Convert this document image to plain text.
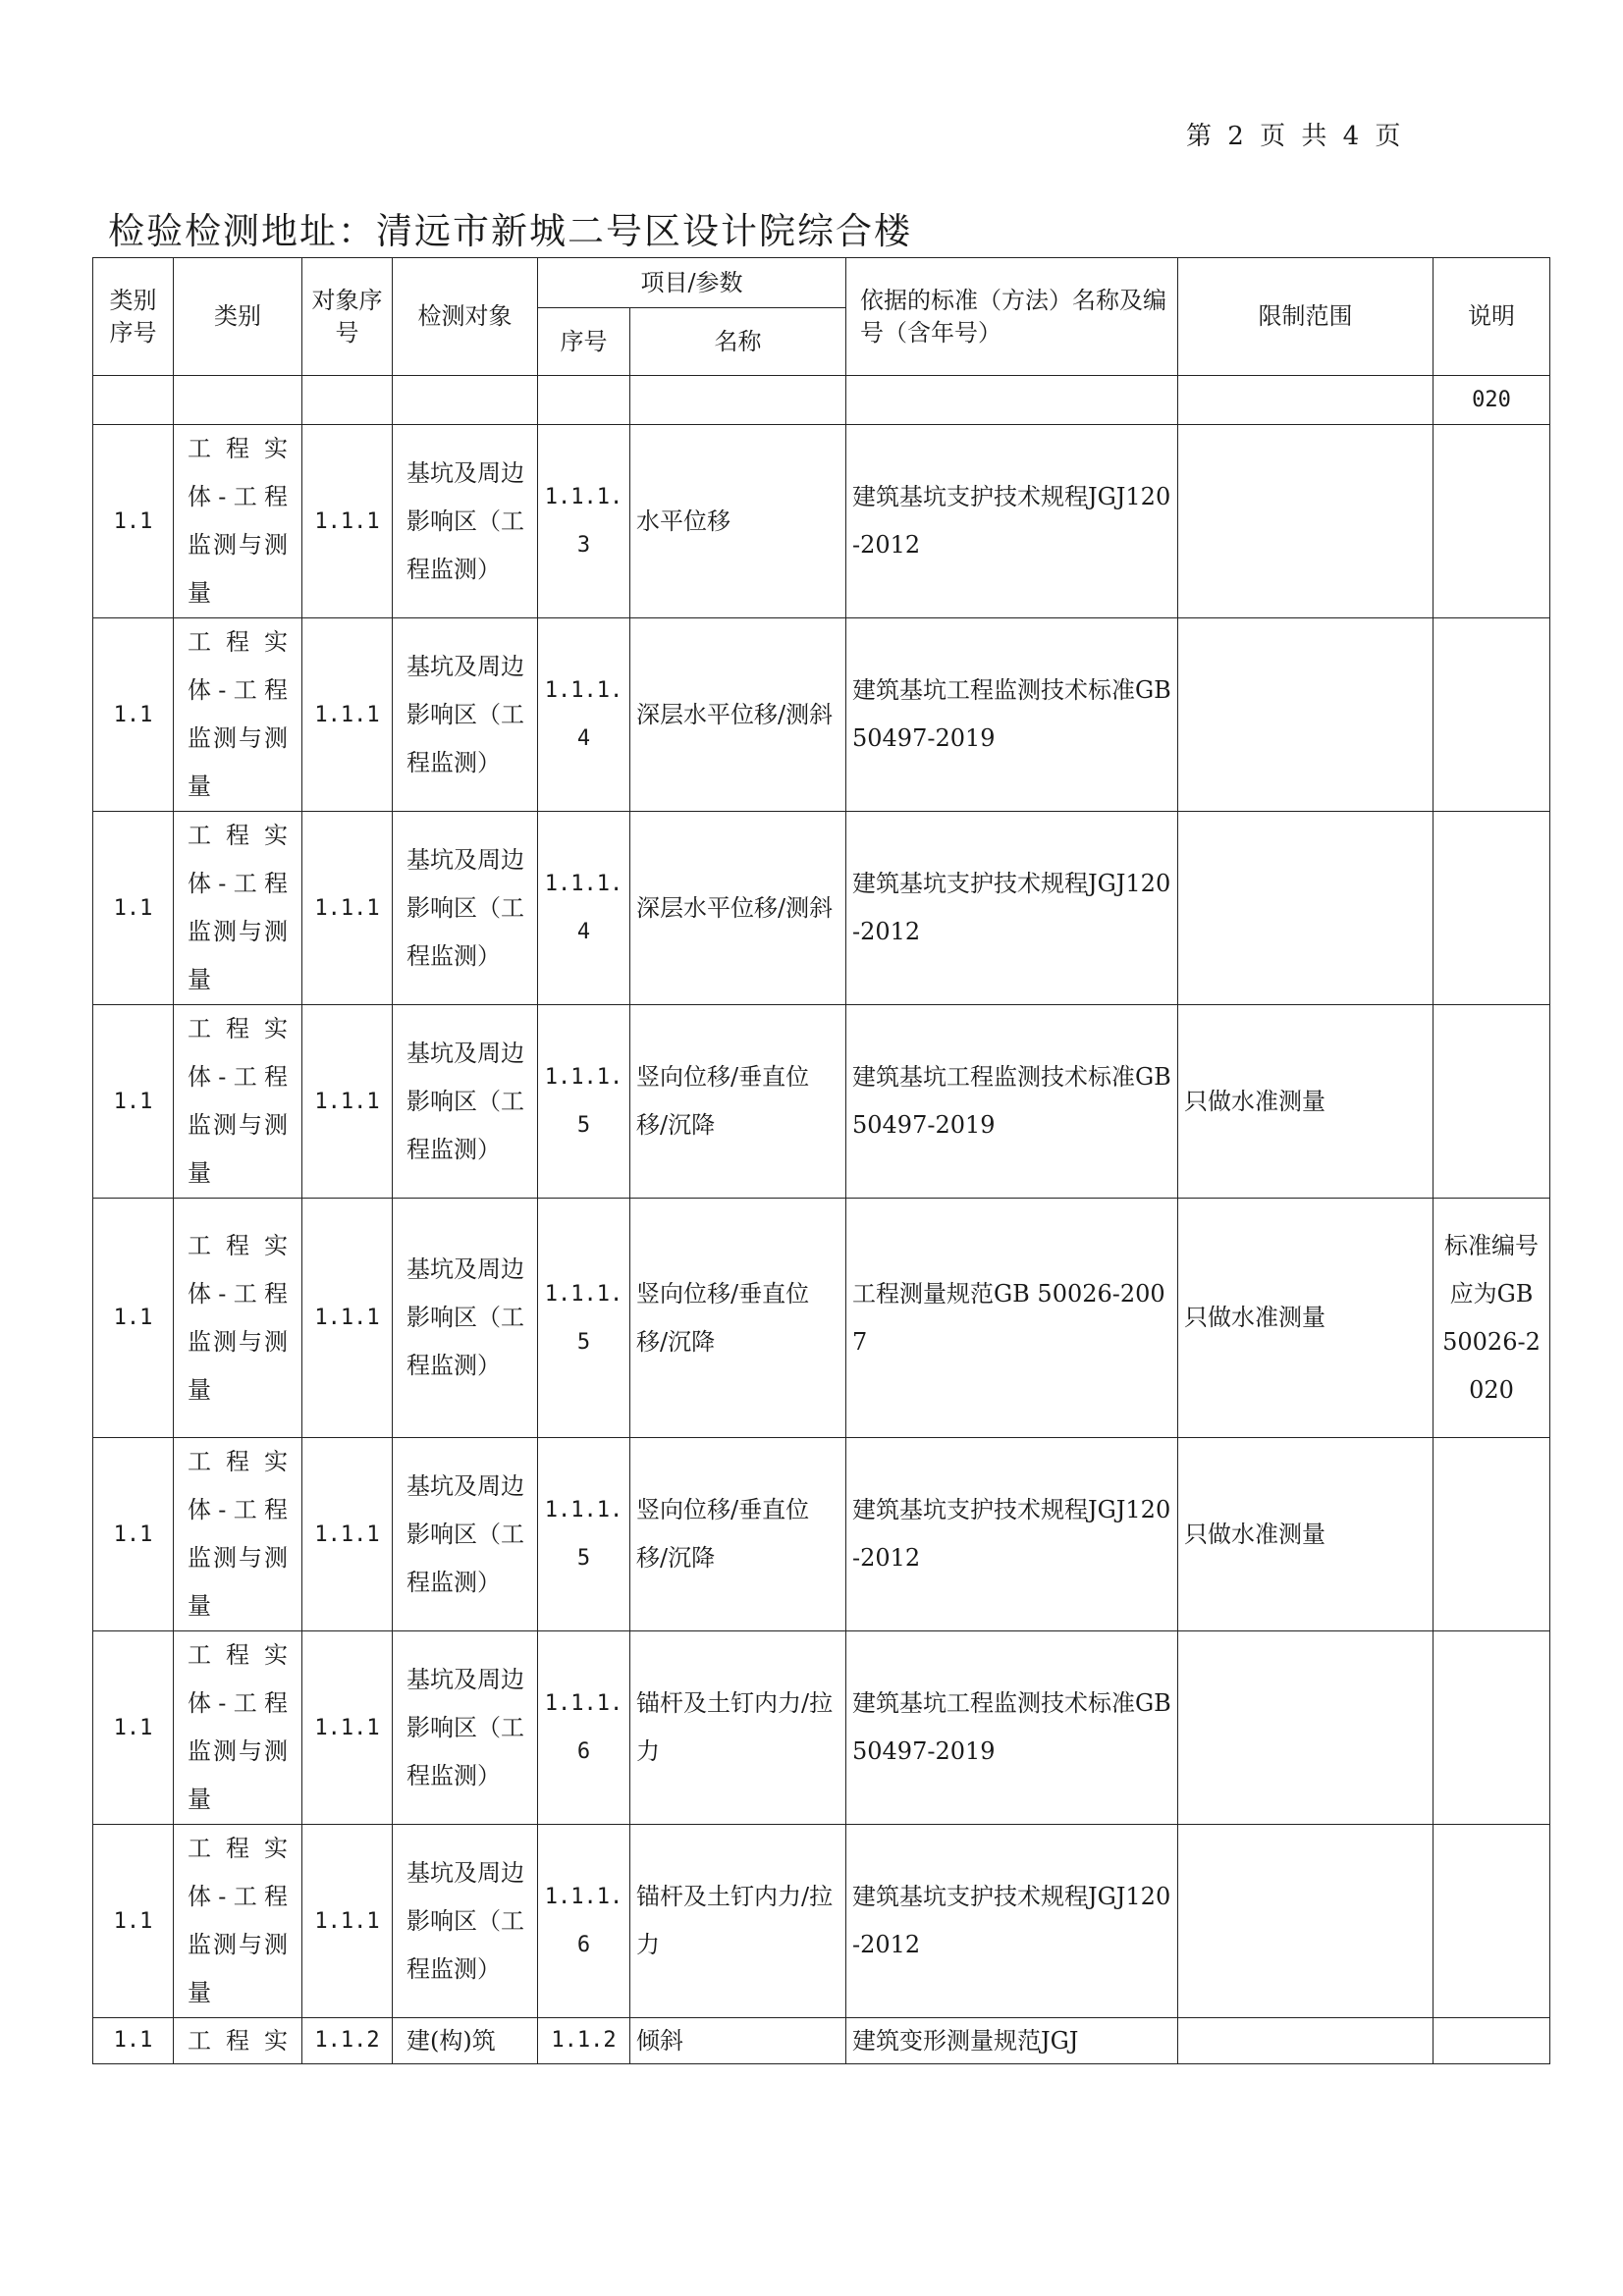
第 2 页 共 4 页
检验检测地址：清远市新城二号区设计院综合楼
类别序号	类别	对象序号	检测对象	项目/参数		依据的标准（方法）名称及编号（含年号）	限制范围	说明
				序号	名称			
								020
1.1	工程实体-工程监测与测量	1.1.1	基坑及周边影响区（工程监测）	1.1.1.3	水平位移	建筑基坑支护技术规程JGJ120-2012		
1.1	工程实体-工程监测与测量	1.1.1	基坑及周边影响区（工程监测）	1.1.1.4	深层水平位移/测斜	建筑基坑工程监测技术标准GB50497-2019		
1.1	工程实体-工程监测与测量	1.1.1	基坑及周边影响区（工程监测）	1.1.1.4	深层水平位移/测斜	建筑基坑支护技术规程JGJ120-2012		
1.1	工程实体-工程监测与测量	1.1.1	基坑及周边影响区（工程监测）	1.1.1.5	竖向位移/垂直位移/沉降	建筑基坑工程监测技术标准GB50497-2019	只做水准测量	
1.1	工程实体-工程监测与测量	1.1.1	基坑及周边影响区（工程监测）	1.1.1.5	竖向位移/垂直位移/沉降	工程测量规范GB 50026-2007	只做水准测量	标准编号应为GB 50026-2020
1.1	工程实体-工程监测与测量	1.1.1	基坑及周边影响区（工程监测）	1.1.1.5	竖向位移/垂直位移/沉降	建筑基坑支护技术规程JGJ120-2012	只做水准测量	
1.1	工程实体-工程监测与测量	1.1.1	基坑及周边影响区（工程监测）	1.1.1.6	锚杆及土钉内力/拉力	建筑基坑工程监测技术标准GB50497-2019		
1.1	工程实体-工程监测与测量	1.1.1	基坑及周边影响区（工程监测）	1.1.1.6	锚杆及土钉内力/拉力	建筑基坑支护技术规程JGJ120-2012		
1.1	工程实	1.1.2	建(构)筑	1.1.2	倾斜	建筑变形测量规范JGJ		
